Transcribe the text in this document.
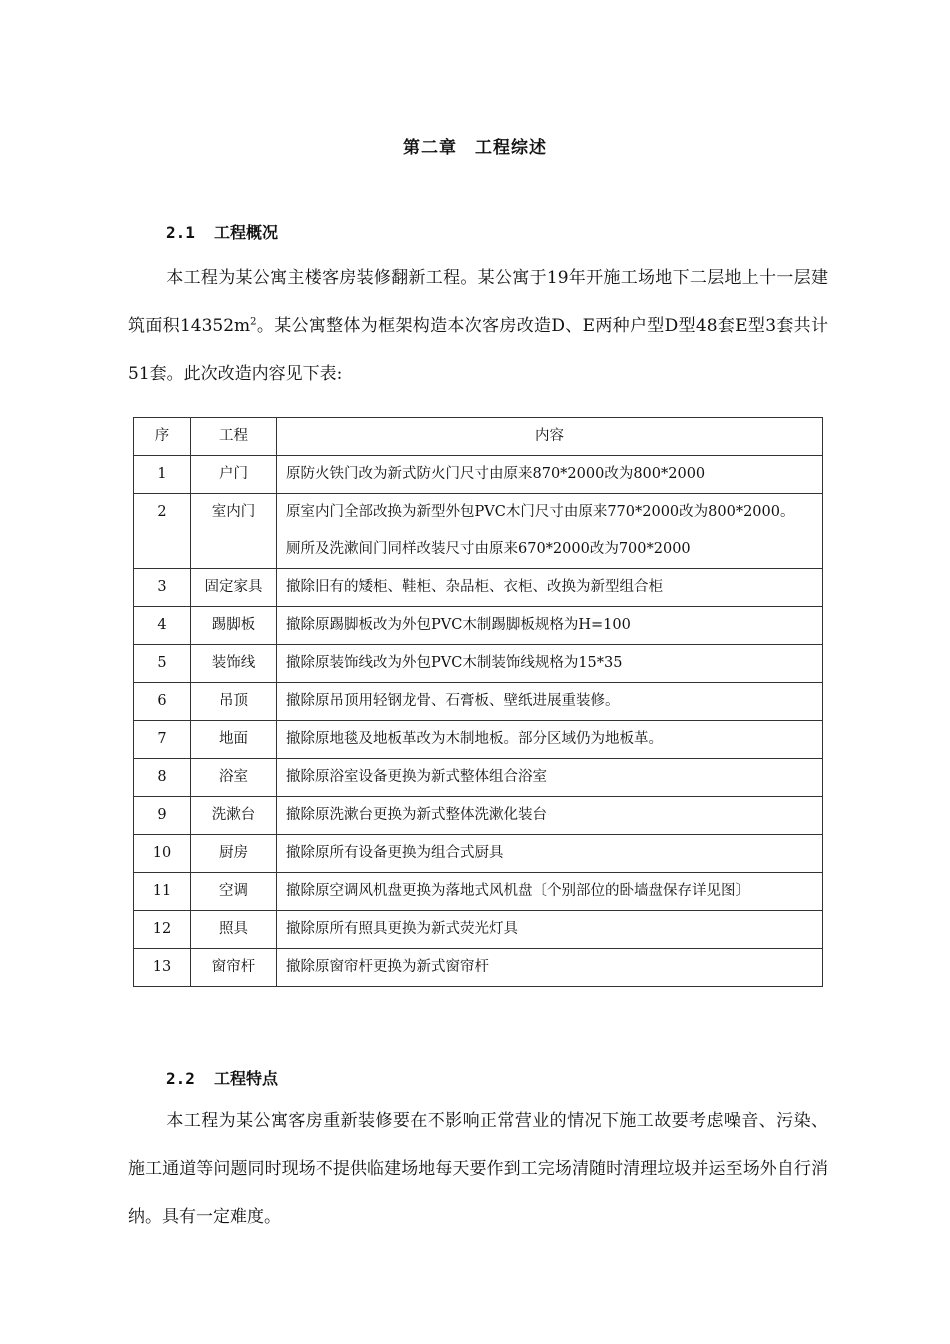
第二章　工程综述
2.1 工程概况
本工程为某公寓主楼客房装修翻新工程。某公寓于19年开施工场地下二层地上十一层建筑面积$14352m^2$。某公寓整体为框架构造本次客房改造D、E两种户型D型48套E型3套共计51套。此次改造内容见下表:
序	工程	内容
1	户门	原防火铁门改为新式防火门尺寸由原来870*2000改为800*2000

2	室内门	原室内门全部改换为新型外包PVC木门尺寸由原来770*2000改为800*2000。
厕所及洗漱间门同样改装尺寸由原来670*2000改为700*2000

3	固定家具	撤除旧有的矮柜、鞋柜、杂品柜、衣柜、改换为新型组合柜

4	踢脚板	撤除原踢脚板改为外包PVC木制踢脚板规格为H=100

5	装饰线	撤除原装饰线改为外包PVC木制装饰线规格为15*35

6	吊顶	撤除原吊顶用轻钢龙骨、石膏板、壁纸进展重装修。

7	地面	撤除原地毯及地板革改为木制地板。部分区域仍为地板革。

8	浴室	撤除原浴室设备更换为新式整体组合浴室

9	洗漱台	撤除原洗漱台更换为新式整体洗漱化装台

10	厨房	撤除原所有设备更换为组合式厨具

11	空调	撤除原空调风机盘更换为落地式风机盘〔个别部位的卧墙盘保存详见图〕

12	照具	撤除原所有照具更换为新式荧光灯具

13	窗帘杆	撤除原窗帘杆更换为新式窗帘杆
2.2 工程特点
本工程为某公寓客房重新装修要在不影响正常营业的情况下施工故要考虑噪音、污染、施工通道等问题同时现场不提供临建场地每天要作到工完场清随时清理垃圾并运至场外自行消纳。具有一定难度。
